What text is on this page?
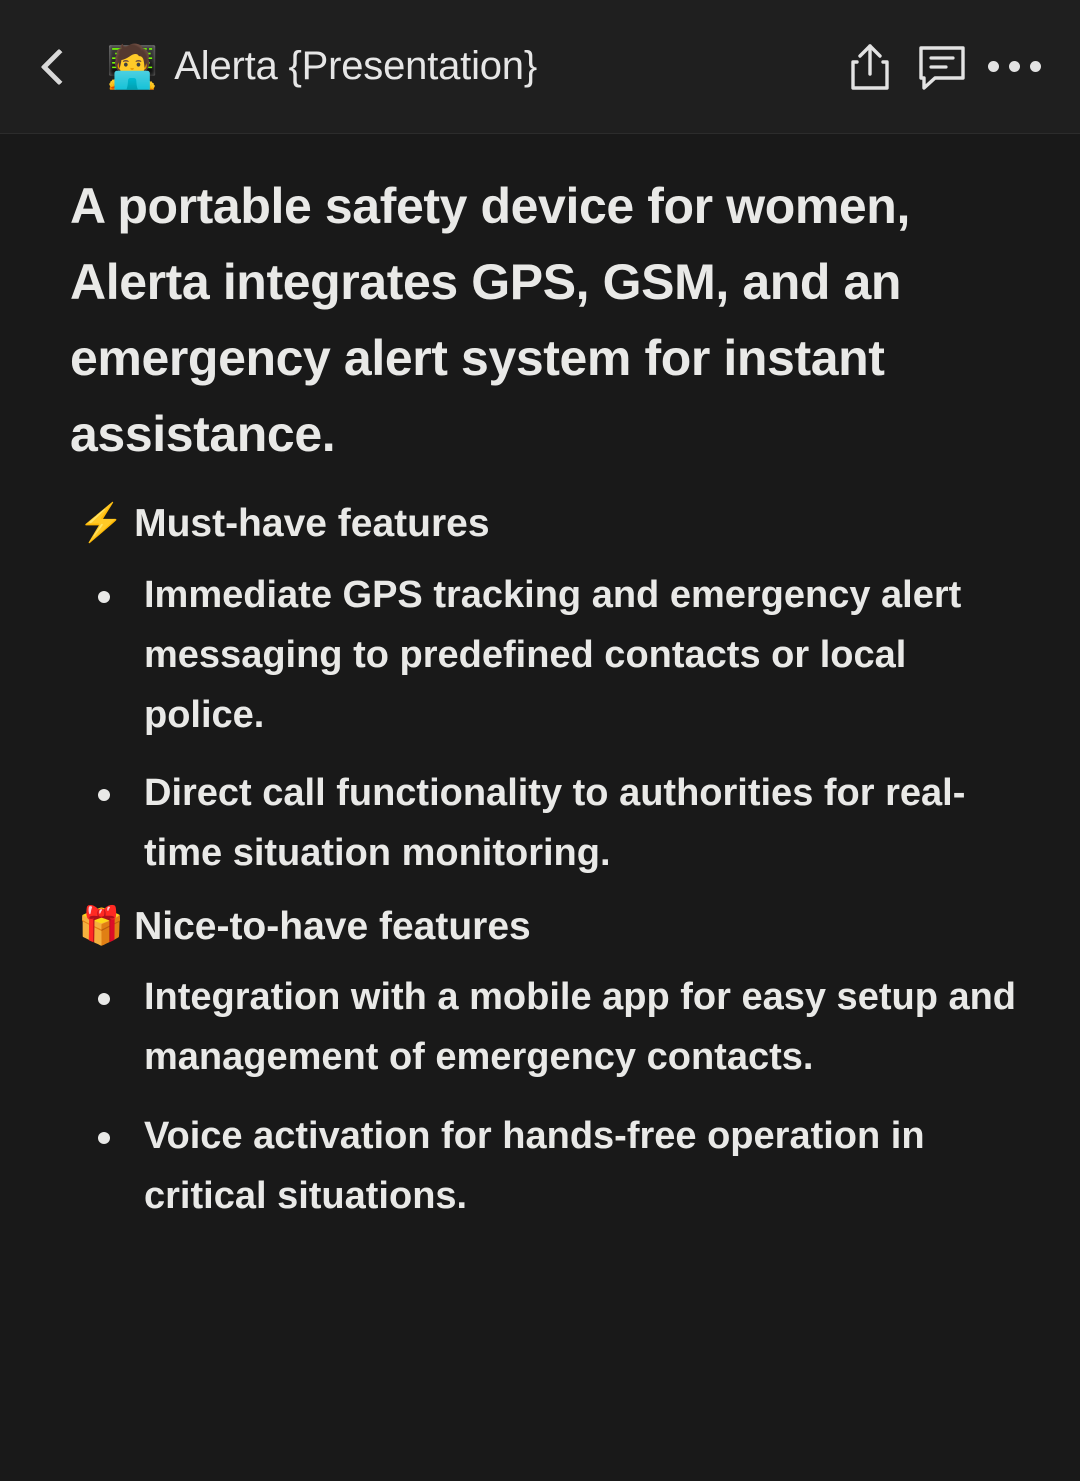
🧑‍💻 Alerta {Presentation}
A portable safety device for women, Alerta integrates GPS, GSM, and an emergency alert system for instant assistance.
⚡ Must-have features
Immediate GPS tracking and emergency alert messaging to predefined contacts or local police.
Direct call functionality to authorities for real-time situation monitoring.
🎁 Nice-to-have features
Integration with a mobile app for easy setup and management of emergency contacts.
Voice activation for hands-free operation in critical situations.
